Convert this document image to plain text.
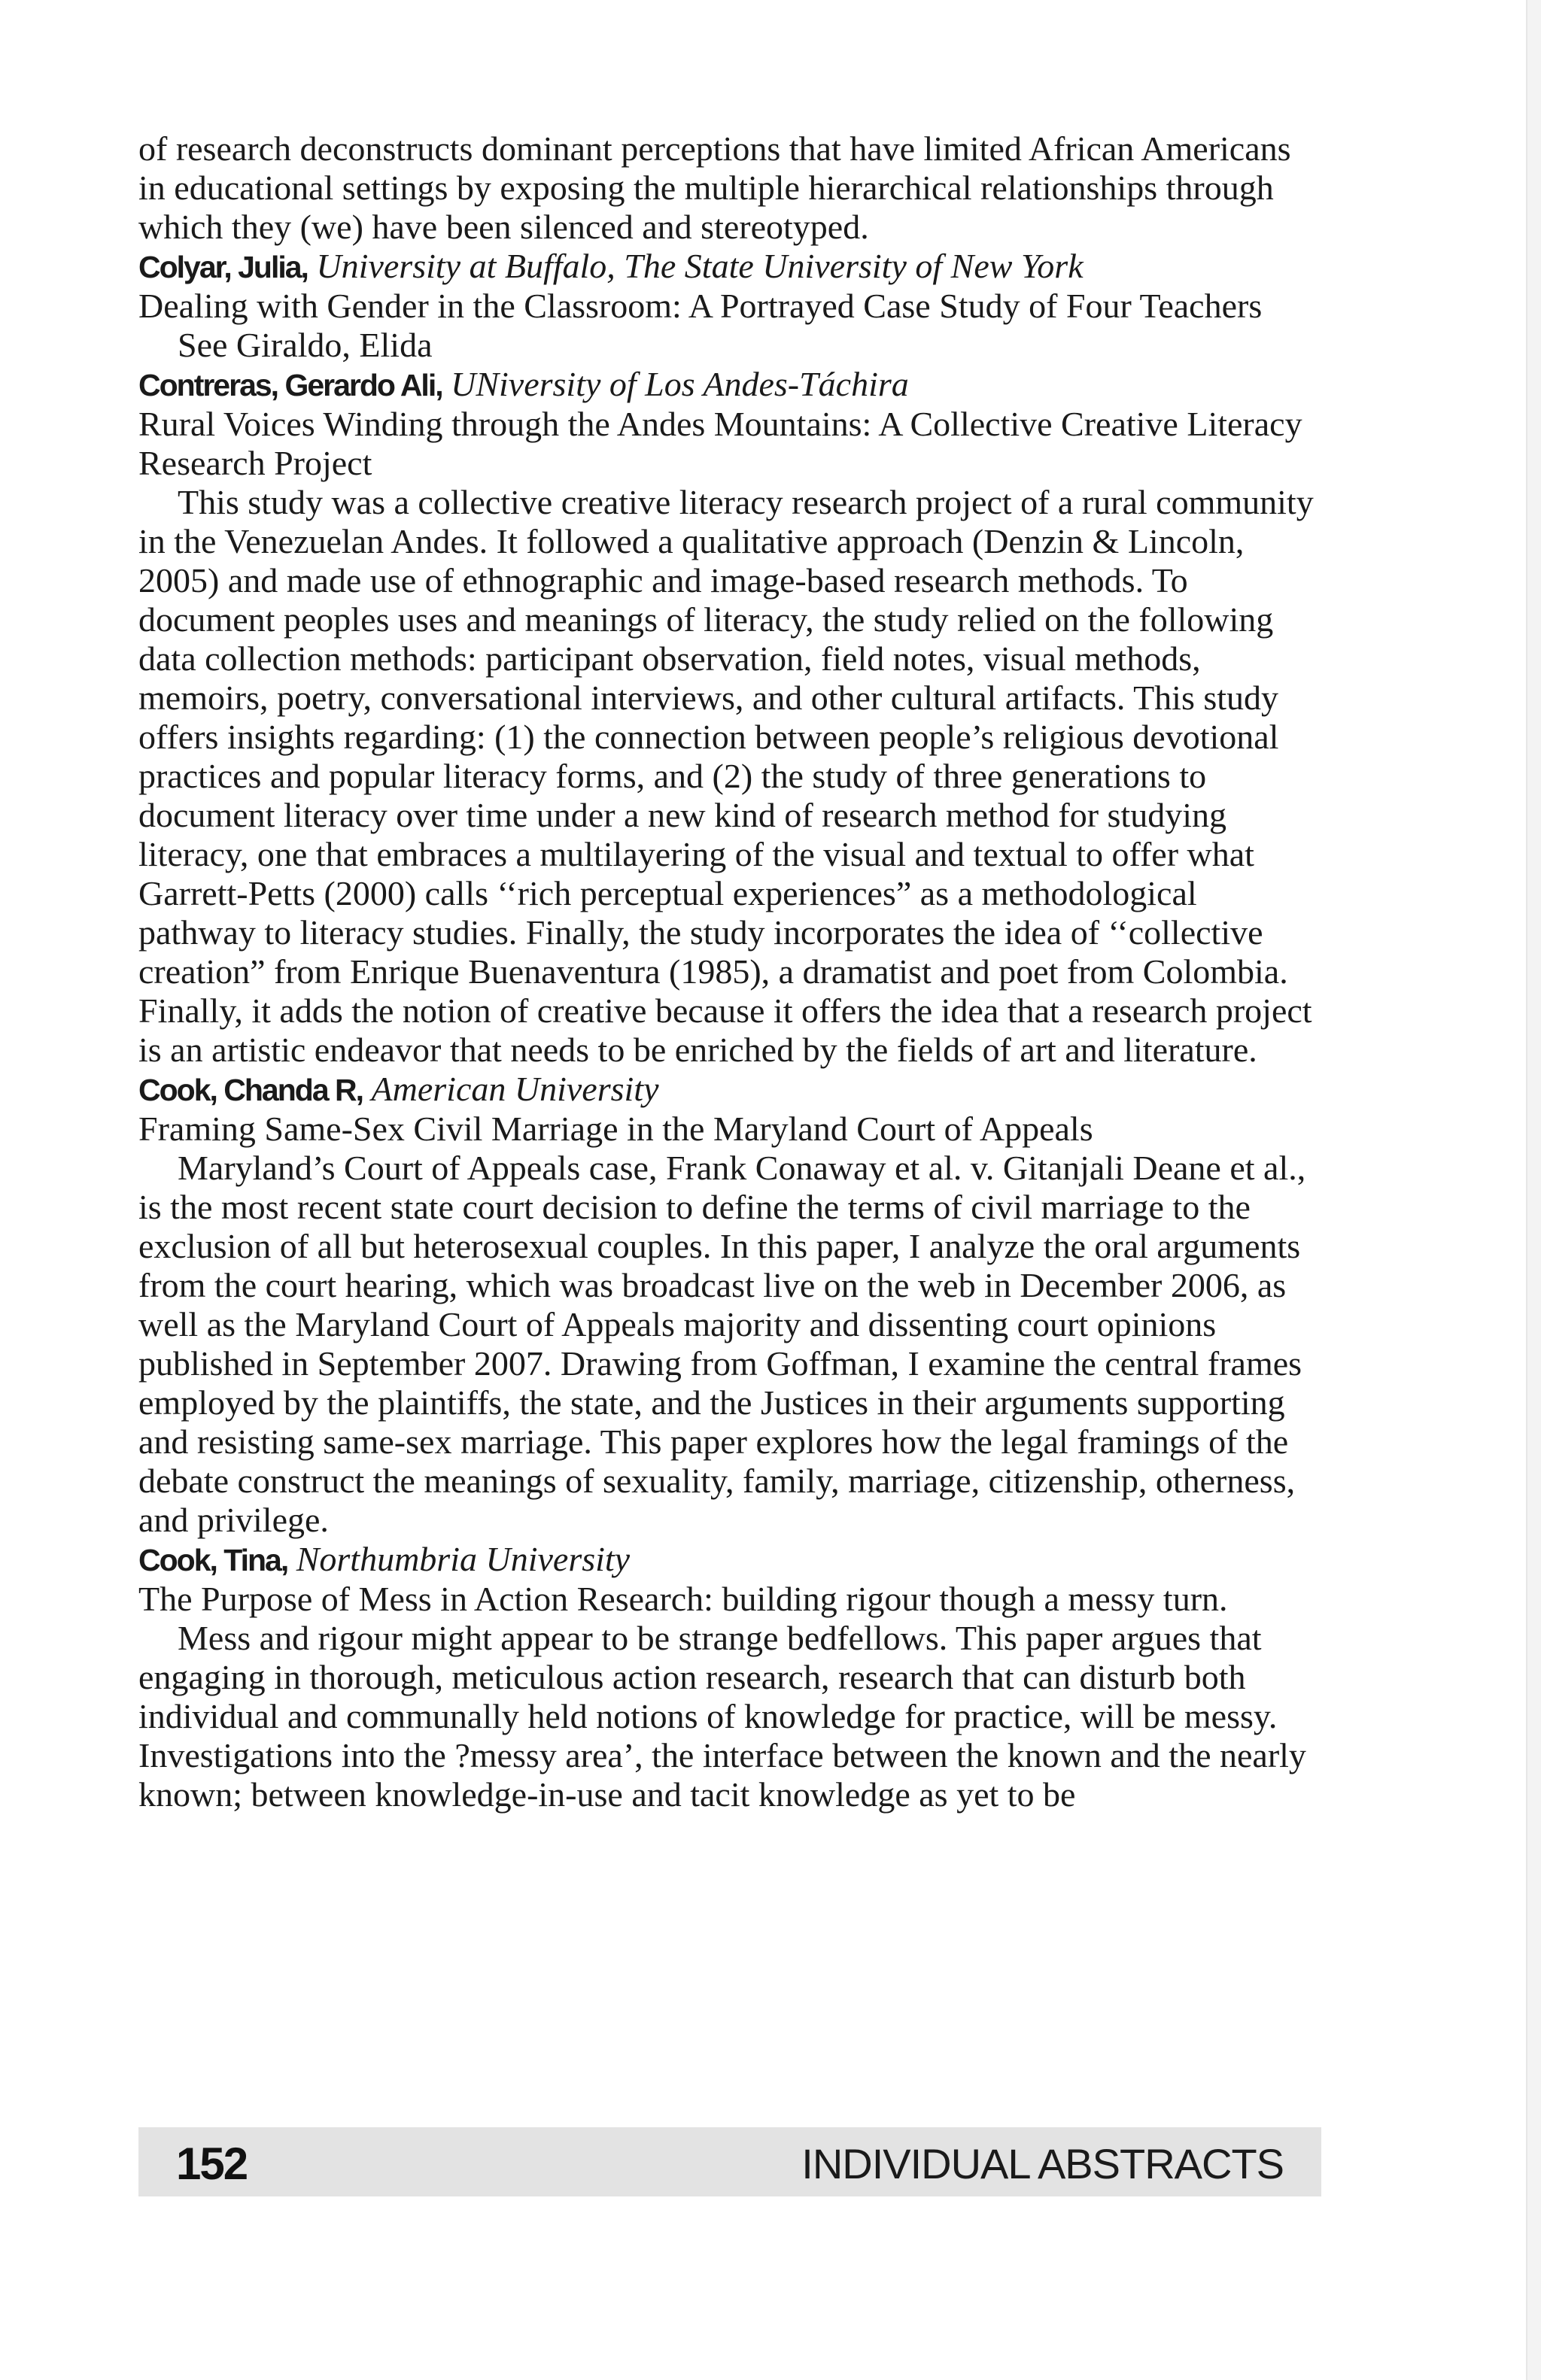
of research deconstructs dominant perceptions that have limited African Americans in educational settings by exposing the multiple hierarchical relationships through which they (we) have been silenced and stereotyped.

Colyar, Julia, University at Buffalo, The State University of New York

Dealing with Gender in the Classroom: A Portrayed Case Study of Four Teachers

See Giraldo, Elida

Contreras, Gerardo Ali, UNiversity of Los Andes-Táchira

Rural Voices Winding through the Andes Mountains: A Collective Creative Literacy Research Project

This study was a collective creative literacy research project of a rural community in the Venezuelan Andes. It followed a qualitative approach (Denzin & Lincoln, 2005) and made use of ethnographic and image-based research methods. To document peoples uses and meanings of literacy, the study relied on the following data collection methods: participant observation, field notes, visual methods, memoirs, poetry, conversational interviews, and other cultural artifacts. This study offers insights regarding: (1) the connection between people’s religious devotional practices and popular literacy forms, and (2) the study of three generations to document literacy over time under a new kind of research method for studying literacy, one that embraces a multilayering of the visual and textual to offer what Garrett-Petts (2000) calls ‘‘rich perceptual experiences” as a methodological pathway to literacy studies. Finally, the study incorporates the idea of ‘‘collective creation” from Enrique Buenaventura (1985), a dramatist and poet from Colombia. Finally, it adds the notion of creative because it offers the idea that a research project is an artistic endeavor that needs to be enriched by the fields of art and literature.

Cook, Chanda R, American University

Framing Same-Sex Civil Marriage in the Maryland Court of Appeals

Maryland’s Court of Appeals case, Frank Conaway et al. v. Gitanjali Deane et al., is the most recent state court decision to define the terms of civil marriage to the exclusion of all but heterosexual couples. In this paper, I analyze the oral arguments from the court hearing, which was broadcast live on the web in December 2006, as well as the Maryland Court of Appeals majority and dissenting court opinions published in September 2007. Drawing from Goffman, I examine the central frames employed by the plaintiffs, the state, and the Justices in their arguments supporting and resisting same-sex marriage. This paper explores how the legal framings of the debate construct the meanings of sexuality, family, marriage, citizenship, otherness, and privilege.

Cook, Tina, Northumbria University

The Purpose of Mess in Action Research: building rigour though a messy turn.

Mess and rigour might appear to be strange bedfellows. This paper argues that engaging in thorough, meticulous action research, research that can disturb both individual and communally held notions of knowledge for practice, will be messy. Investigations into the ?messy area’, the interface between the known and the nearly known; between knowledge-in-use and tacit knowledge as yet to be

152	INDIVIDUAL ABSTRACTS
